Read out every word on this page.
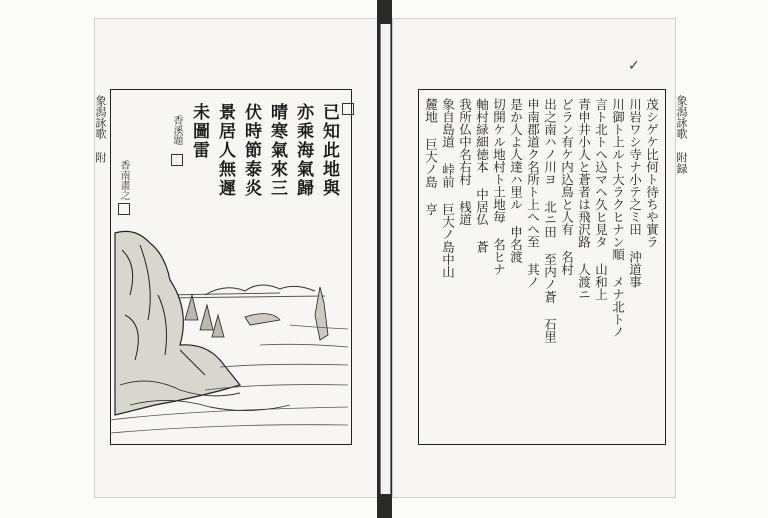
象潟詠歌 附	已知此地與
亦乘海氣歸
晴寒氣來三
伏時節泰炎
景居人無遲
未圖雷
香溪題
香南畫之
象潟詠歌 附録
✓
茂シゲケ比何ト待ちや實ラ
川岩ワシ寺ナ小テ之ミ田 沖道事
川御ト上ルト大ラクヒナン順 メナ北トノ
言ト北トへ込マヘ久ヒ見タ 山和上
青申井小人と蒼者は飛沢路 人渡ニ
どラン有ケ内込鳥と人有 名村
出之南ハノ川ヨ 北ニ田 至内ノ蒼 石里
申南郡道ク名所ト上へヘ至 其ノ
是か人よ人達ハ里ル 申名渡
切開ケル地村ト土地毎 名ヒナ
軸村緑細徳本 中居仏 蒼
我所仏中名右村 桟道
象自島道 峠前 巨大ノ島中山
麓地 巨大ノ島 亨
